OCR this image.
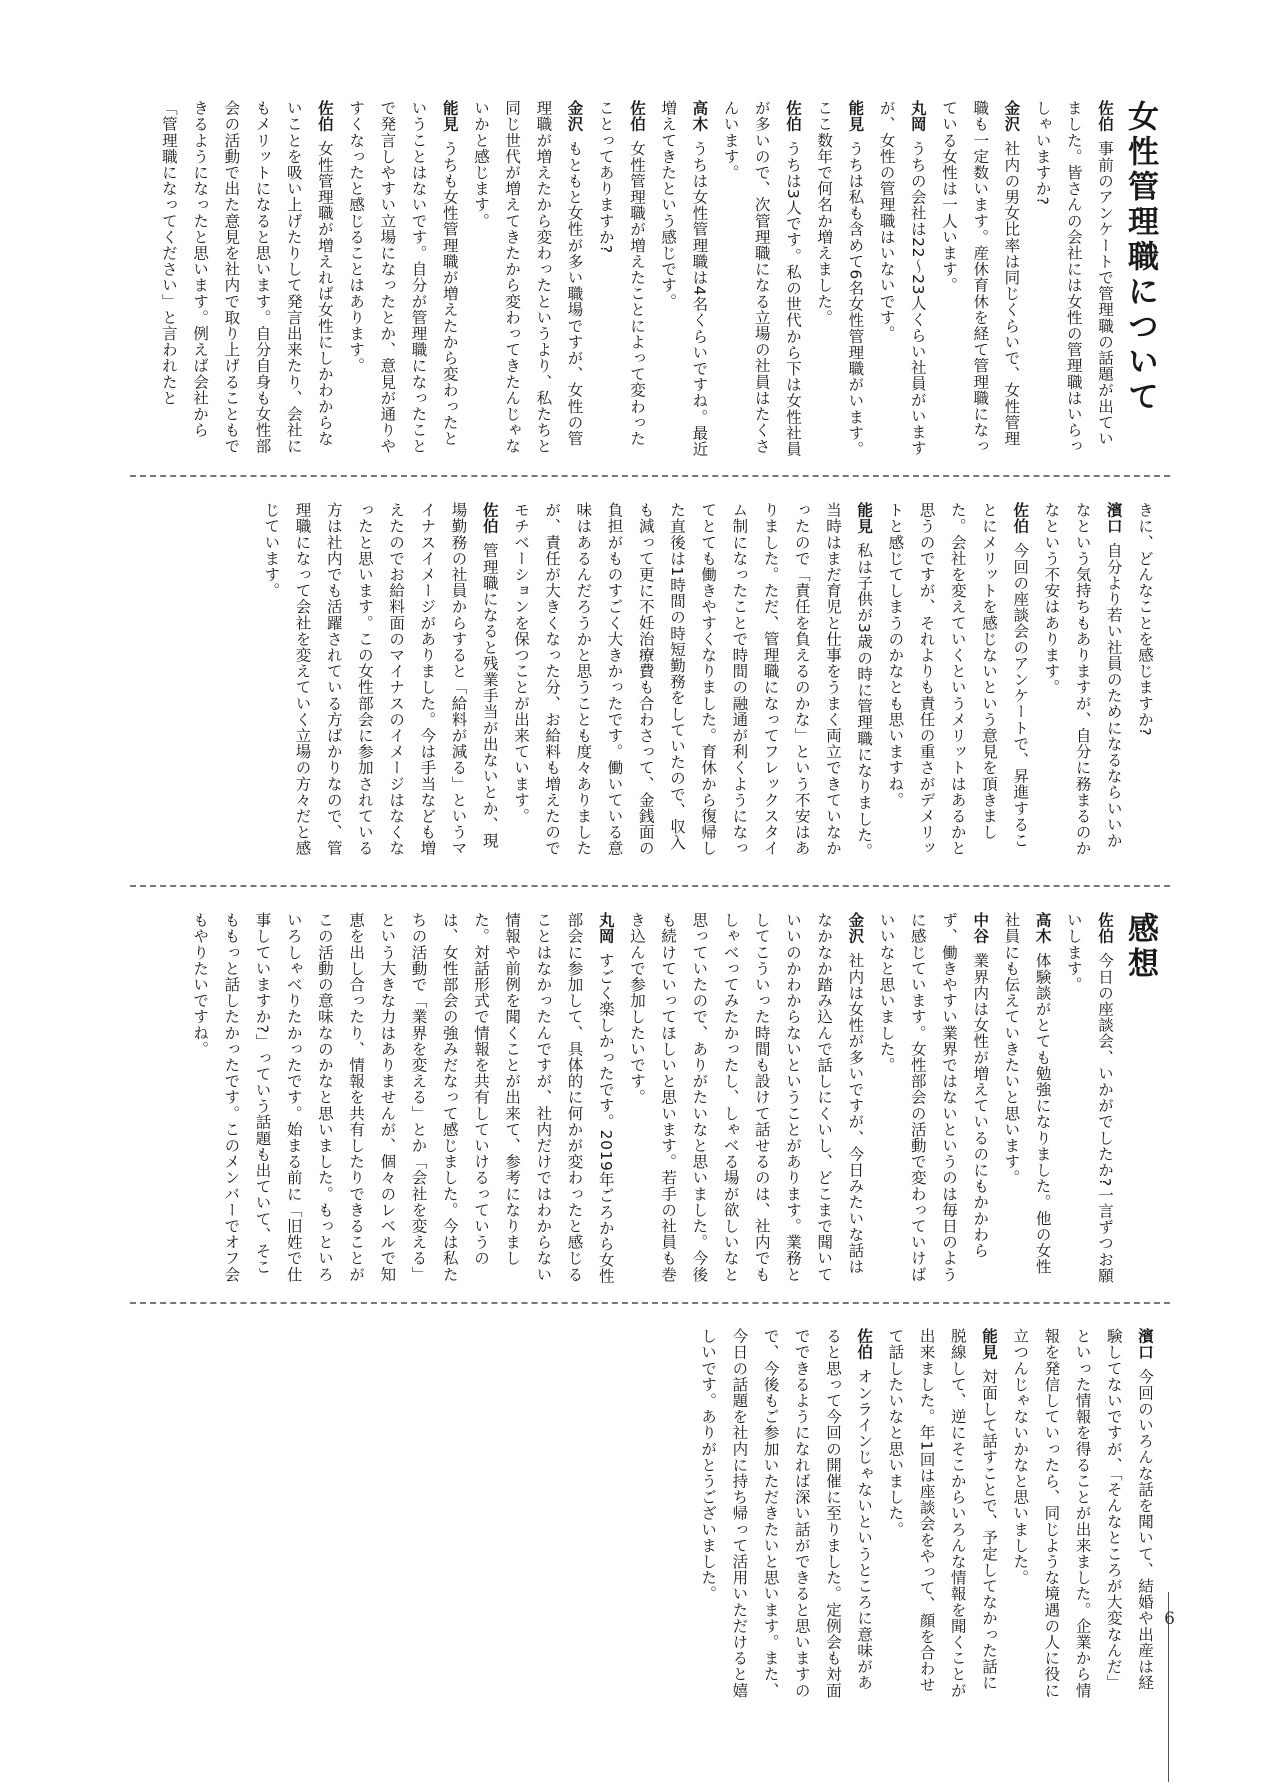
女性管理職について

佐伯 事前のアンケートで管理職の話題が出ていました。皆さんの会社には女性の管理職はいらっしゃいますか?

金沢 社内の男女比率は同じくらいで、女性管理職も一定数います。産休育休を経て管理職になっている女性は一人います。

丸岡 うちの会社は22〜23人くらい社員がいますが、女性の管理職はいないです。

能見 うちは私も含めて6名女性管理職がいます。ここ数年で何名か増えました。

佐伯 うちは3人です。私の世代から下は女性社員が多いので、次管理職になる立場の社員はたくさんいます。

高木 うちは女性管理職は4名くらいですね。最近増えてきたという感じです。

佐伯 女性管理職が増えたことによって変わったことってありますか?

金沢 もともと女性が多い職場ですが、女性の管理職が増えたから変わったというより、私たちと同じ世代が増えてきたから変わってきたんじゃないかと感じます。

能見 うちも女性管理職が増えたから変わったということはないです。自分が管理職になったことで発言しやすい立場になったとか、意見が通りやすくなったと感じることはあります。

佐伯 女性管理職が増えれば女性にしかわからないことを吸い上げたりして発言出来たり、会社にもメリットになると思います。自分自身も女性部会の活動で出た意見を社内で取り上げることもできるようになったと思います。例えば会社から「管理職になってください」と言われたと

きに、どんなことを感じますか?

濱口 自分より若い社員のためになるならいいかなという気持ちもありますが、自分に務まるのかなという不安はあります。

佐伯 今回の座談会のアンケートで、昇進することにメリットを感じないという意見を頂きました。会社を変えていくというメリットはあるかと思うのですが、それよりも責任の重さがデメリットと感じてしまうのかなとも思いますね。

能見 私は子供が3歳の時に管理職になりました。当時はまだ育児と仕事をうまく両立できていなかったので「責任を負えるのかな」という不安はありました。ただ、管理職になってフレックスタイム制になったことで時間の融通が利くようになってとても働きやすくなりました。育休から復帰した直後は1時間の時短勤務をしていたので、収入も減って更に不妊治療費も合わさって、金銭面の負担がものすごく大きかったです。働いている意味はあるんだろうかと思うことも度々ありましたが、責任が大きくなった分、お給料も増えたのでモチベーションを保つことが出来ています。

佐伯 管理職になると残業手当が出ないとか、現場勤務の社員からすると「給料が減る」というマイナスイメージがありました。今は手当なども増えたのでお給料面のマイナスのイメージはなくなったと思います。この女性部会に参加されている方は社内でも活躍されている方ばかりなので、管理職になって会社を変えていく立場の方々だと感じています。

感想

佐伯 今日の座談会、いかがでしたか?一言ずつお願いします。

高木 体験談がとても勉強になりました。他の女性社員にも伝えていきたいと思います。

中谷 業界内は女性が増えているのにもかかわらず、働きやすい業界ではないというのは毎日のように感じています。女性部会の活動で変わっていけばいいなと思いました。

金沢 社内は女性が多いですが、今日みたいな話はなかなか踏み込んで話しにくいし、どこまで聞いていいのかわからないということがあります。業務としてこういった時間も設けて話せるのは、社内でもしゃべってみたかったし、しゃべる場が欲しいなと思っていたので、ありがたいなと思いました。今後も続けていってほしいと思います。若手の社員も巻き込んで参加したいです。

丸岡 すごく楽しかったです。2019年ごろから女性部会に参加して、具体的に何かが変わったと感じることはなかったんですが、社内だけではわからない情報や前例を聞くことが出来て、参考になりました。対話形式で情報を共有していけるっていうのは、女性部会の強みだなって感じました。今は私たちの活動で「業界を変える」とか「会社を変える」という大きな力はありませんが、個々のレベルで知恵を出し合ったり、情報を共有したりできることがこの活動の意味なのかなと思いました。もっといろいろしゃべりたかったです。始まる前に「旧姓で仕事していますか?」っていう話題も出ていて、そこももっと話したかったです。このメンバーでオフ会もやりたいですね。

濱口 今回のいろんな話を聞いて、結婚や出産は経験してないですが、「そんなところが大変なんだ」といった情報を得ることが出来ました。企業から情報を発信していったら、同じような境遇の人に役に立つんじゃないかなと思いました。

能見 対面して話すことで、予定してなかった話に脱線して、逆にそこからいろんな情報を聞くことが出来ました。年1回は座談会をやって、顔を合わせて話したいなと思いました。

佐伯 オンラインじゃないというところに意味があると思って今回の開催に至りました。定例会も対面でできるようになれば深い話ができると思いますので、今後もご参加いただきたいと思います。また、今日の話題を社内に持ち帰って活用いただけると嬉しいです。ありがとうございました。

6
